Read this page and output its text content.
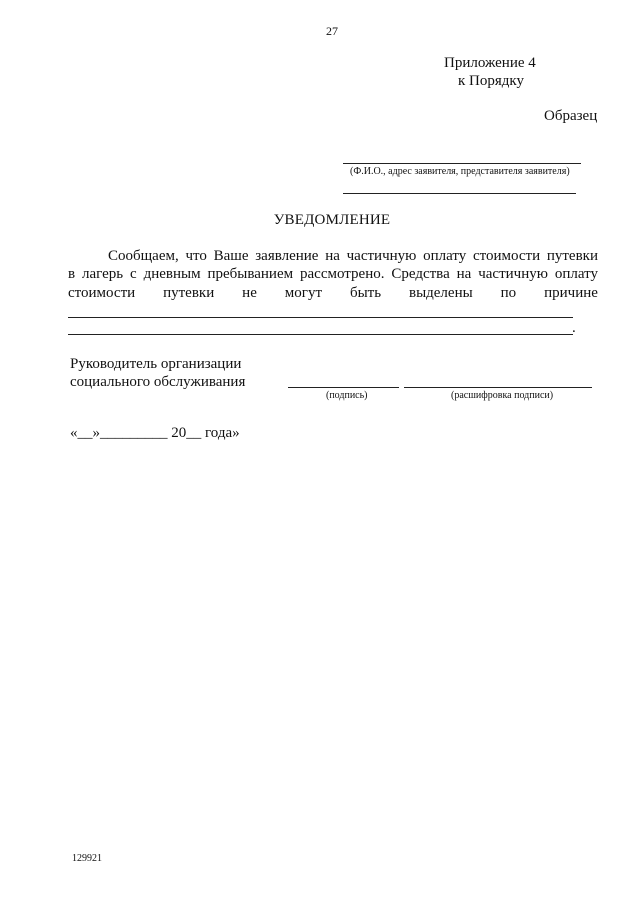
27
Приложение 4
к Порядку
Образец
(Ф.И.О., адрес заявителя, представителя заявителя)
УВЕДОМЛЕНИЕ
Сообщаем, что Ваше заявление на частичную оплату стоимости путевки
в лагерь с дневным пребыванием рассмотрено. Средства на частичную оплату
стоимости путевки не могут быть выделены по причине
.
Руководитель организации
социального обслуживания
(подпись)	(расшифровка подписи)
«__»_________ 20__ года»
129921
